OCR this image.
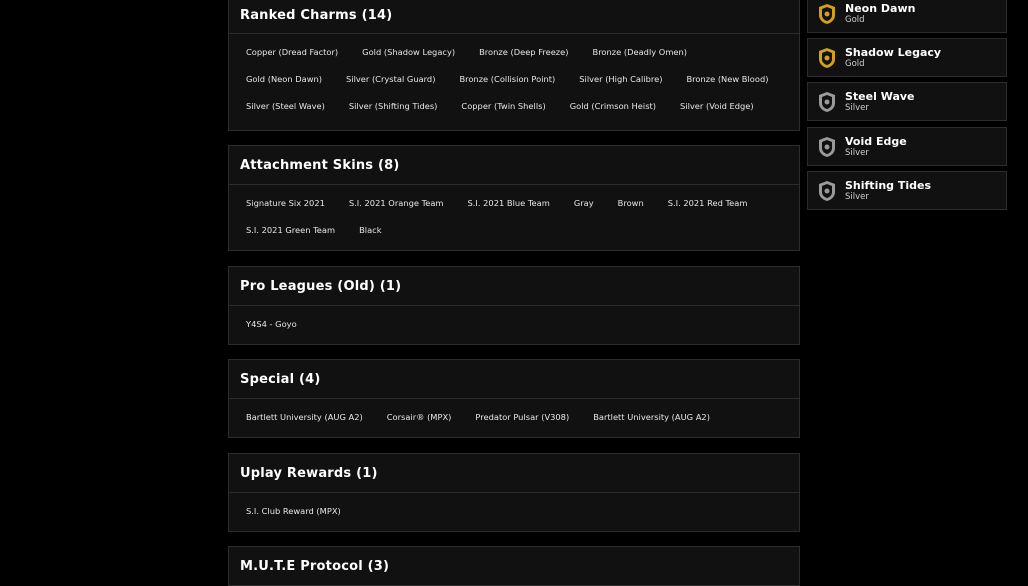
Ranked Charms (14)
Copper (Dread Factor)	Gold (Shadow Legacy)	Bronze (Deep Freeze)	Bronze (Deadly Omen)
Gold (Neon Dawn)	Silver (Crystal Guard)	Bronze (Collision Point)	Silver (High Calibre)	Bronze (New Blood)
Silver (Steel Wave)	Silver (Shifting Tides)	Copper (Twin Shells)	Gold (Crimson Heist)	Silver (Void Edge)
Attachment Skins (8)
Signature Six 2021	S.I. 2021 Orange Team	S.I. 2021 Blue Team	Gray	Brown	S.I. 2021 Red Team
S.I. 2021 Green Team	Black
Pro Leagues (Old) (1)
Y4S4 - Goyo
Special (4)
Bartlett University (AUG A2)	Corsair® (MPX)	Predator Pulsar (V308)	Bartlett University (AUG A2)
Uplay Rewards (1)
S.I. Club Reward (MPX)
M.U.T.E Protocol (3)
Neon Dawn
Gold
Shadow Legacy
Gold
Steel Wave
Silver
Void Edge
Silver
Shifting Tides
Silver
